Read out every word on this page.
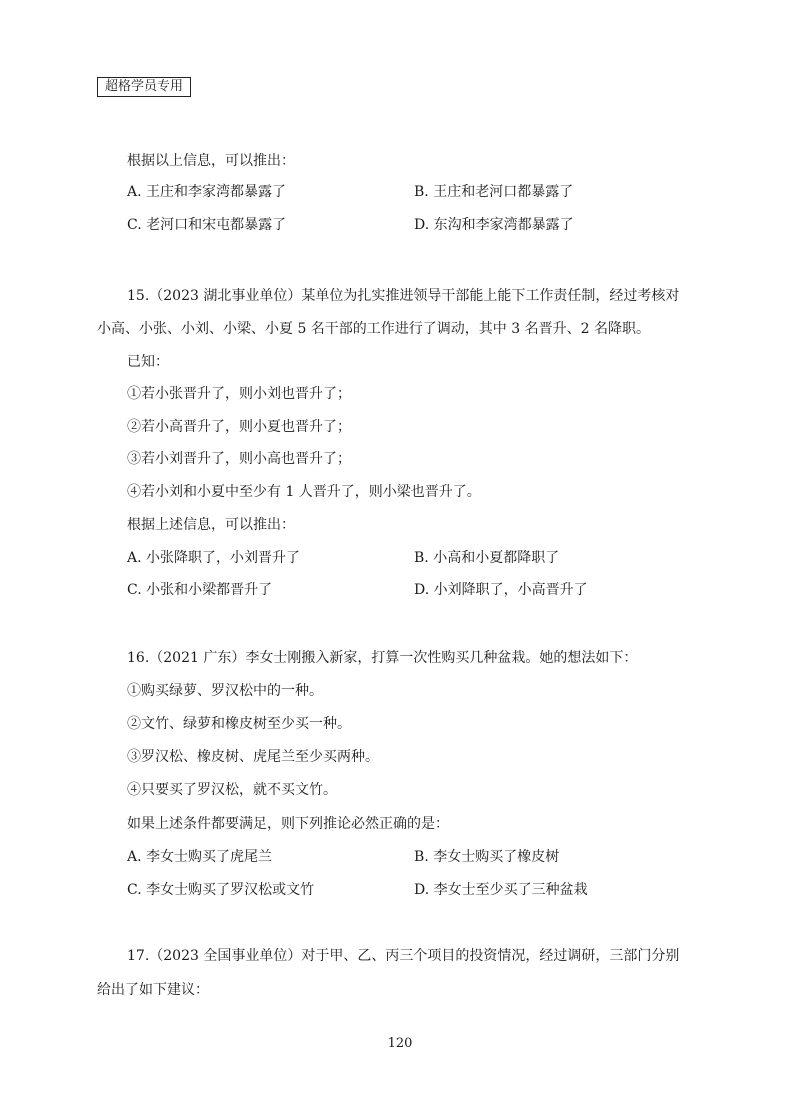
超格学员专用
根据以上信息，可以推出：
A. 王庄和李家湾都暴露了	B. 王庄和老河口都暴露了
C. 老河口和宋屯都暴露了	D. 东沟和李家湾都暴露了
15.（2023 湖北事业单位）某单位为扎实推进领导干部能上能下工作责任制，经过考核对
小高、小张、小刘、小梁、小夏 5 名干部的工作进行了调动，其中 3 名晋升、2 名降职。
已知：
①若小张晋升了，则小刘也晋升了；
②若小高晋升了，则小夏也晋升了；
③若小刘晋升了，则小高也晋升了；
④若小刘和小夏中至少有 1 人晋升了，则小梁也晋升了。
根据上述信息，可以推出：
A. 小张降职了，小刘晋升了	B. 小高和小夏都降职了
C. 小张和小梁都晋升了	D. 小刘降职了，小高晋升了
16.（2021 广东）李女士刚搬入新家，打算一次性购买几种盆栽。她的想法如下：
①购买绿萝、罗汉松中的一种。
②文竹、绿萝和橡皮树至少买一种。
③罗汉松、橡皮树、虎尾兰至少买两种。
④只要买了罗汉松，就不买文竹。
如果上述条件都要满足，则下列推论必然正确的是：
A. 李女士购买了虎尾兰	B. 李女士购买了橡皮树
C. 李女士购买了罗汉松或文竹	D. 李女士至少买了三种盆栽
17.（2023 全国事业单位）对于甲、乙、丙三个项目的投资情况，经过调研，三部门分别
给出了如下建议：
120
